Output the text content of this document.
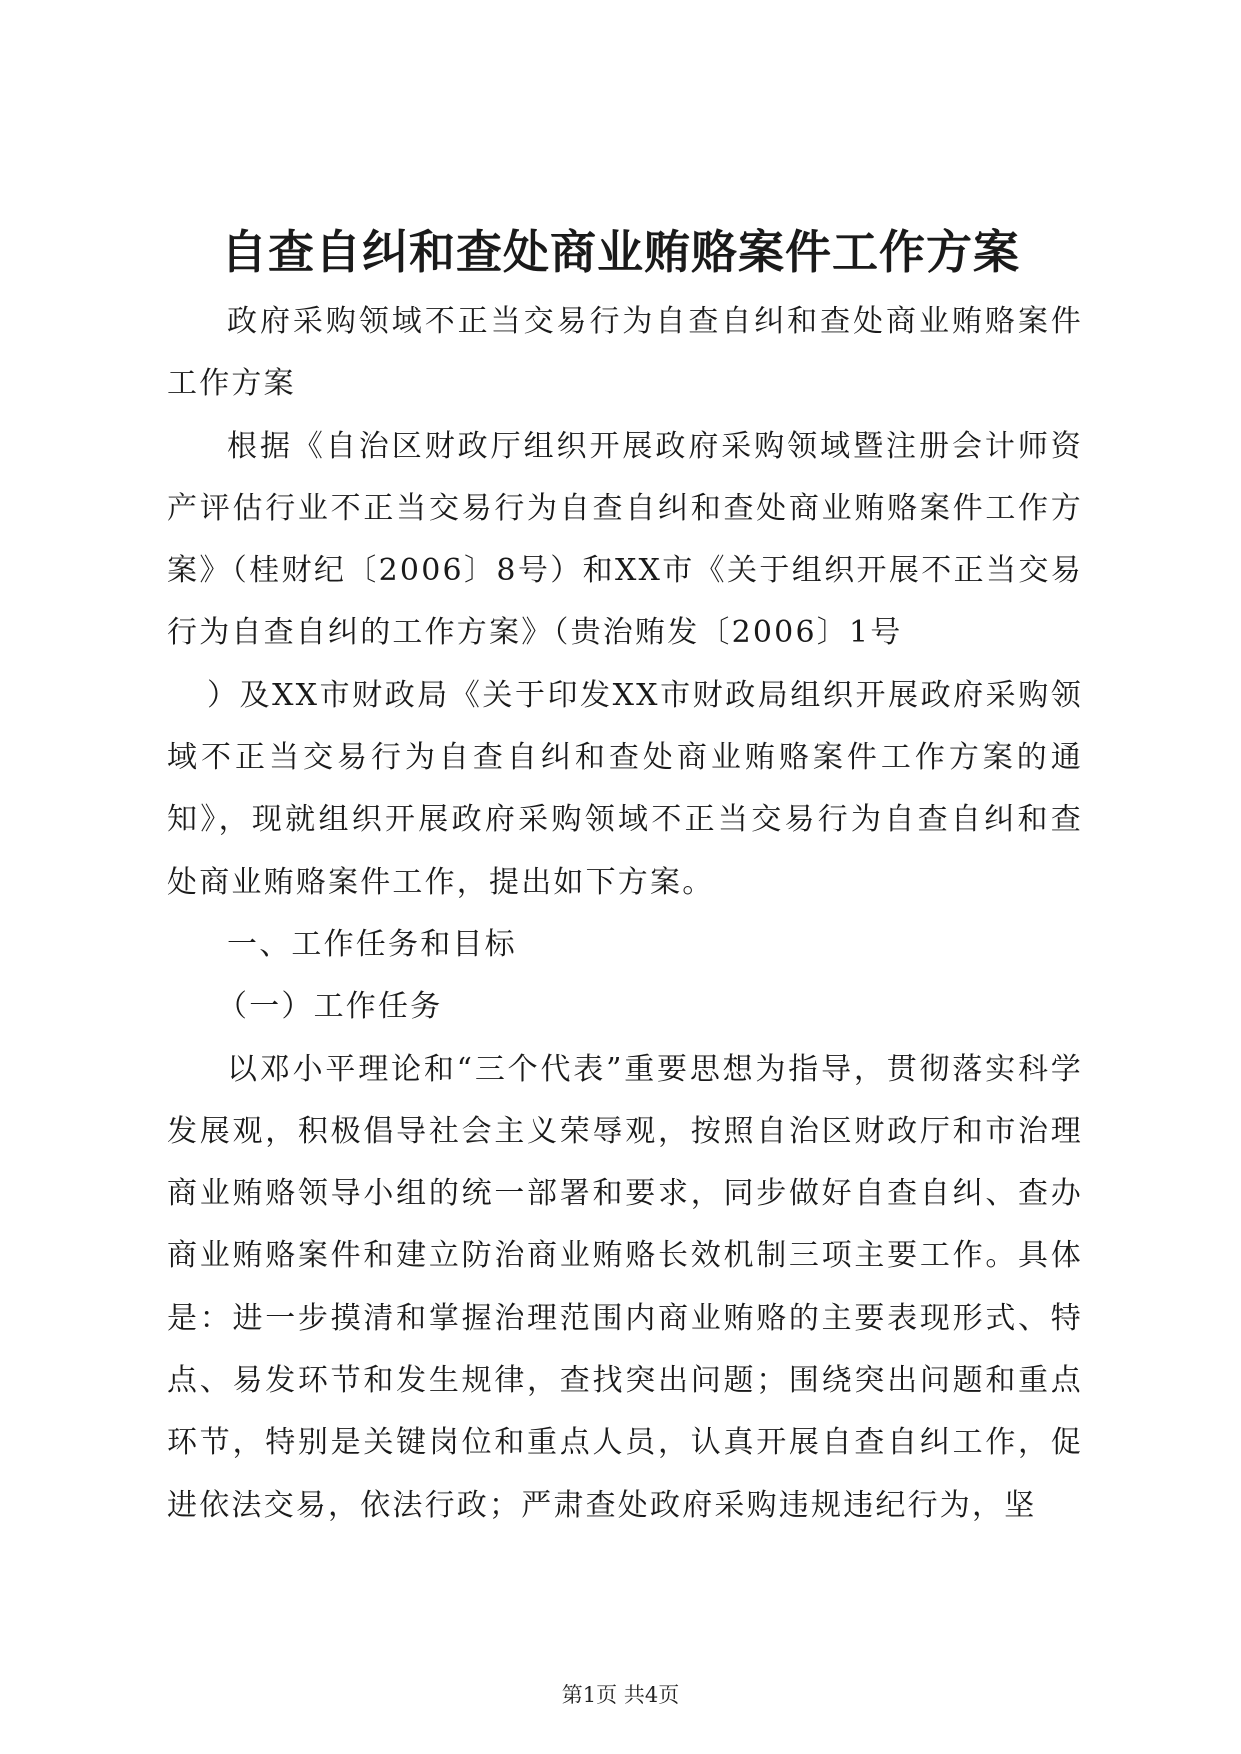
自查自纠和查处商业贿赂案件工作方案

政府采购领域不正当交易行为自查自纠和查处商业贿赂案件工作方案

根据《自治区财政厅组织开展政府采购领域暨注册会计师资产评估行业不正当交易行为自查自纠和查处商业贿赂案件工作方案》（桂财纪〔2006〕8号）和XX市《关于组织开展不正当交易行为自查自纠的工作方案》（贵治贿发〔2006〕1号

）及XX市财政局《关于印发XX市财政局组织开展政府采购领域不正当交易行为自查自纠和查处商业贿赂案件工作方案的通知》，现就组织开展政府采购领域不正当交易行为自查自纠和查处商业贿赂案件工作，提出如下方案。

一、工作任务和目标

（一）工作任务

以邓小平理论和“三个代表”重要思想为指导，贯彻落实科学发展观，积极倡导社会主义荣辱观，按照自治区财政厅和市治理商业贿赂领导小组的统一部署和要求，同步做好自查自纠、查办商业贿赂案件和建立防治商业贿赂长效机制三项主要工作。具体是：进一步摸清和掌握治理范围内商业贿赂的主要表现形式、特点、易发环节和发生规律，查找突出问题；围绕突出问题和重点环节，特别是关键岗位和重点人员，认真开展自查自纠工作，促进依法交易，依法行政；严肃查处政府采购违规违纪行为，坚

第1页 共4页
